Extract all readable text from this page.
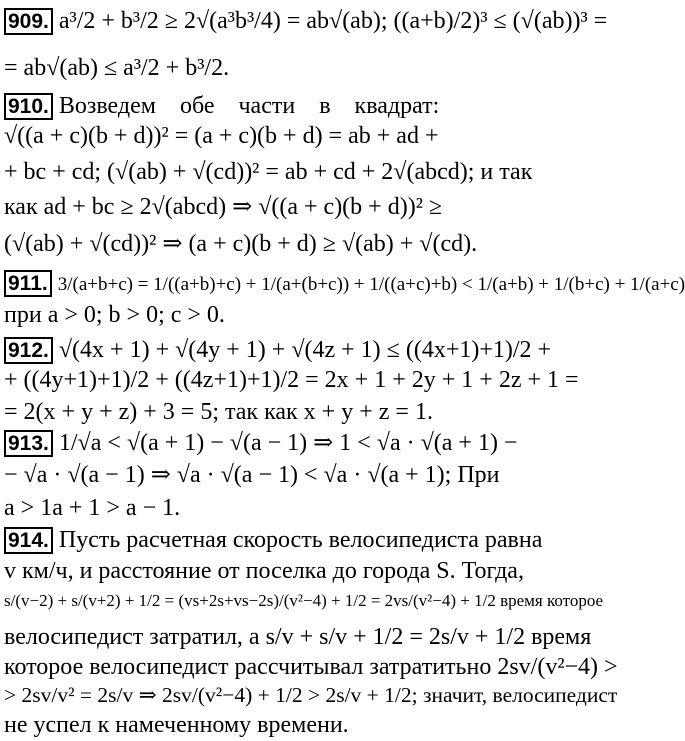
909. a³/2 + b³/2 ≥ 2√(a³b³/4) = ab√(ab); ((a+b)/2)³ ≤ (√(ab))³ =
= ab√(ab) ≤ a³/2 + b³/2.
910. Возведем обе части в квадрат:
√((a + c)(b + d))² = (a + c)(b + d) = ab + ad +
+ bc + cd; (√(ab) + √(cd))² = ab + cd + 2√(abcd); и так
как ad + bc ≥ 2√(abcd) ⇒ √((a + c)(b + d))² ≥
(√(ab) + √(cd))² ⇒ (a + c)(b + d) ≥ √(ab) + √(cd).
911. 3/(a+b+c) = 1/((a+b)+c) + 1/(a+(b+c)) + 1/((a+c)+b) < 1/(a+b) + 1/(b+c) + 1/(a+c)
при a > 0; b > 0; c > 0.
912. √(4x + 1) + √(4y + 1) + √(4z + 1) ≤ ((4x+1)+1)/2 +
+ ((4y+1)+1)/2 + ((4z+1)+1)/2 = 2x + 1 + 2y + 1 + 2z + 1 =
= 2(x + y + z) + 3 = 5; так как x + y + z = 1.
913. 1/√a < √(a + 1) − √(a − 1) ⇒ 1 < √a · √(a + 1) −
− √a · √(a − 1) ⇒ √a · √(a − 1) < √a · √(a + 1); При
a > 1a + 1 > a − 1.
914. Пусть расчетная скорость велосипедиста равна
v км/ч, и расстояние от поселка до города S. Тогда,
s/(v−2) + s/(v+2) + 1/2 = (vs+2s+vs−2s)/(v²−4) + 1/2 = 2vs/(v²−4) + 1/2 время которое
велосипедист затратил, а s/v + s/v + 1/2 = 2s/v + 1/2 время
которое велосипедист рассчитывал затратитьно 2sv/(v²−4) >
> 2sv/v² = 2s/v ⇒ 2sv/(v²−4) + 1/2 > 2s/v + 1/2; значит, велосипедист
не успел к намеченному времени.
